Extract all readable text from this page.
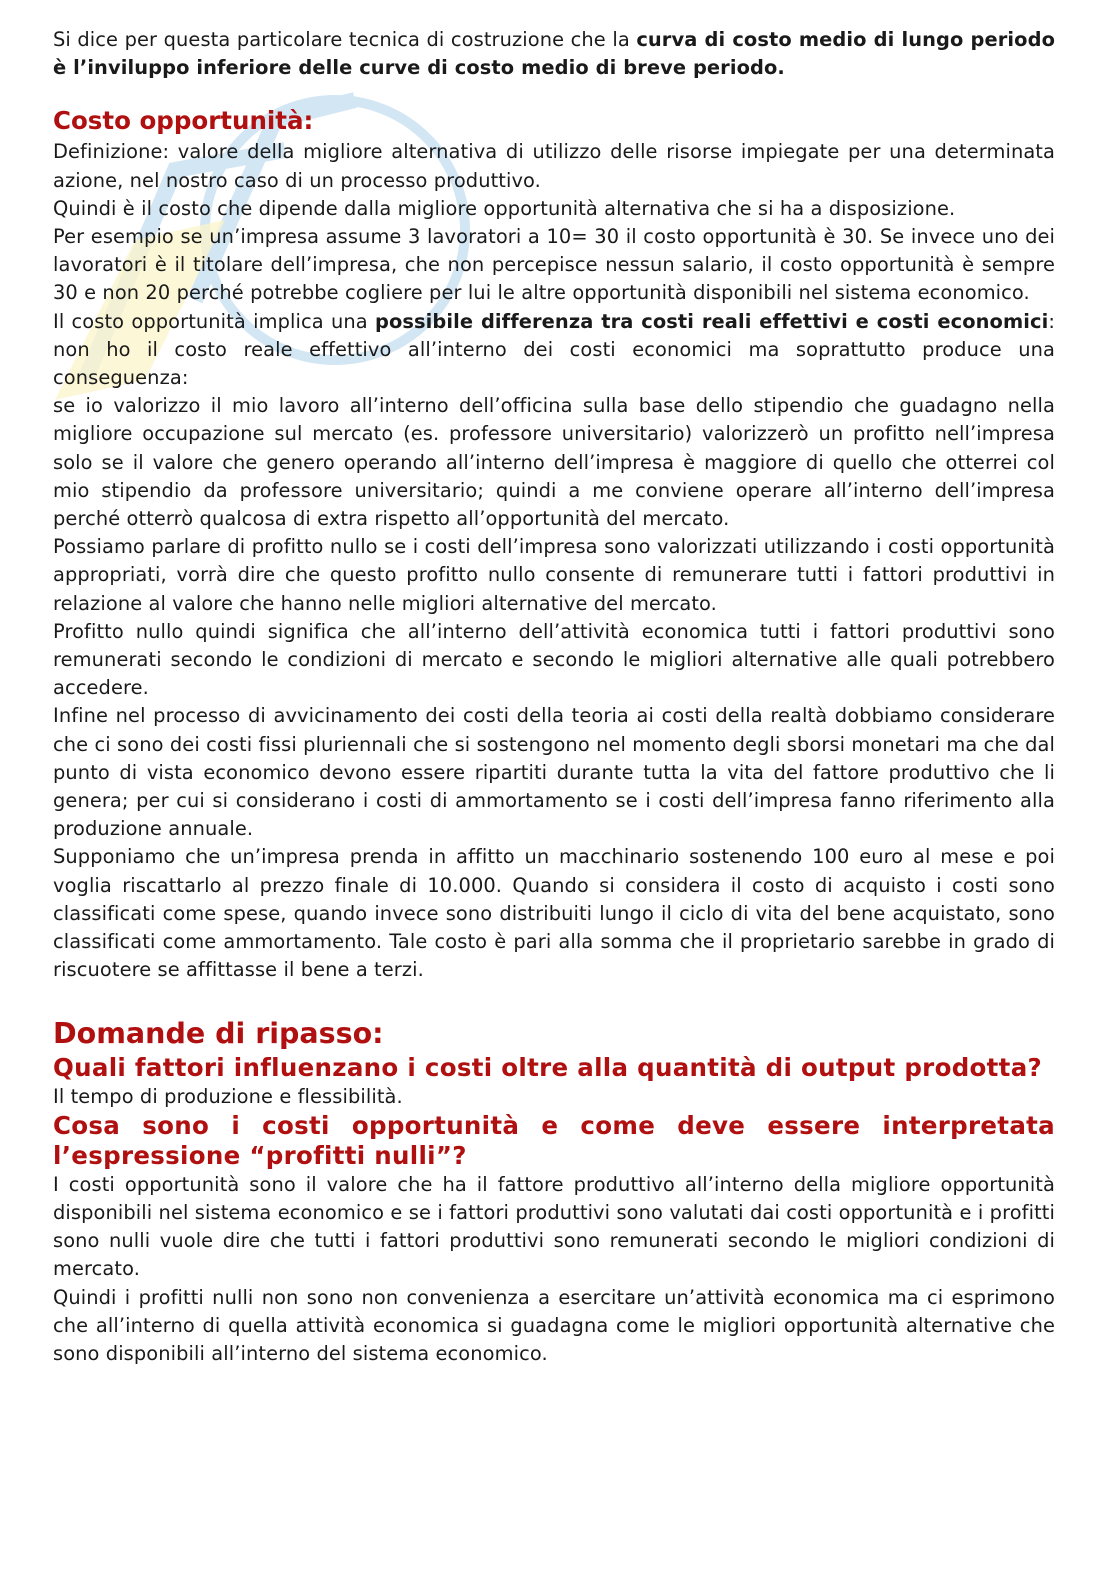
Si dice per questa particolare tecnica di costruzione che la curva di costo medio di lungo periodo è l’inviluppo inferiore delle curve di costo medio di breve periodo.

Costo opportunità:

Definizione: valore della migliore alternativa di utilizzo delle risorse impiegate per una determinata azione, nel nostro caso di un processo produttivo.

Quindi è il costo che dipende dalla migliore opportunità alternativa che si ha a disposizione.

Per esempio se un’impresa assume 3 lavoratori a 10= 30 il costo opportunità è 30. Se invece uno dei lavoratori è il titolare dell’impresa, che non percepisce nessun salario, il costo opportunità è sempre 30 e non 20 perché potrebbe cogliere per lui le altre opportunità disponibili nel sistema economico.

Il costo opportunità implica una possibile differenza tra costi reali effettivi e costi economici: non ho il costo reale effettivo all’interno dei costi economici ma soprattutto produce una conseguenza:

se io valorizzo il mio lavoro all’interno dell’officina sulla base dello stipendio che guadagno nella migliore occupazione sul mercato (es. professore universitario) valorizzerò un profitto nell’impresa solo se il valore che genero operando all’interno dell’impresa è maggiore di quello che otterrei col mio stipendio da professore universitario; quindi a me conviene operare all’interno dell’impresa perché otterrò qualcosa di extra rispetto all’opportunità del mercato.

Possiamo parlare di profitto nullo se i costi dell’impresa sono valorizzati utilizzando i costi opportunità appropriati, vorrà dire che questo profitto nullo consente di remunerare tutti i fattori produttivi in relazione al valore che hanno nelle migliori alternative del mercato.

Profitto nullo quindi significa che all’interno dell’attività economica tutti i fattori produttivi sono remunerati secondo le condizioni di mercato e secondo le migliori alternative alle quali potrebbero accedere.

Infine nel processo di avvicinamento dei costi della teoria ai costi della realtà dobbiamo considerare che ci sono dei costi fissi pluriennali che si sostengono nel momento degli sborsi monetari ma che dal punto di vista economico devono essere ripartiti durante tutta la vita del fattore produttivo che li genera; per cui si considerano i costi di ammortamento se i costi dell’impresa fanno riferimento alla produzione annuale.

Supponiamo che un’impresa prenda in affitto un macchinario sostenendo 100 euro al mese e poi voglia riscattarlo al prezzo finale di 10.000. Quando si considera il costo di acquisto i costi sono classificati come spese, quando invece sono distribuiti lungo il ciclo di vita del bene acquistato, sono classificati come ammortamento. Tale costo è pari alla somma che il proprietario sarebbe in grado di riscuotere se affittasse il bene a terzi.

Domande di ripasso:
Quali fattori influenzano i costi oltre alla quantità di output prodotta?

Il tempo di produzione e flessibilità.

Cosa sono i costi opportunità e come deve essere interpretata l’espressione “profitti nulli”?

I costi opportunità sono il valore che ha il fattore produttivo all’interno della migliore opportunità disponibili nel sistema economico e se i fattori produttivi sono valutati dai costi opportunità e i profitti sono nulli vuole dire che tutti i fattori produttivi sono remunerati secondo le migliori condizioni di mercato.

Quindi i profitti nulli non sono non convenienza a esercitare un’attività economica ma ci esprimono che all’interno di quella attività economica si guadagna come le migliori opportunità alternative che sono disponibili all’interno del sistema economico.
